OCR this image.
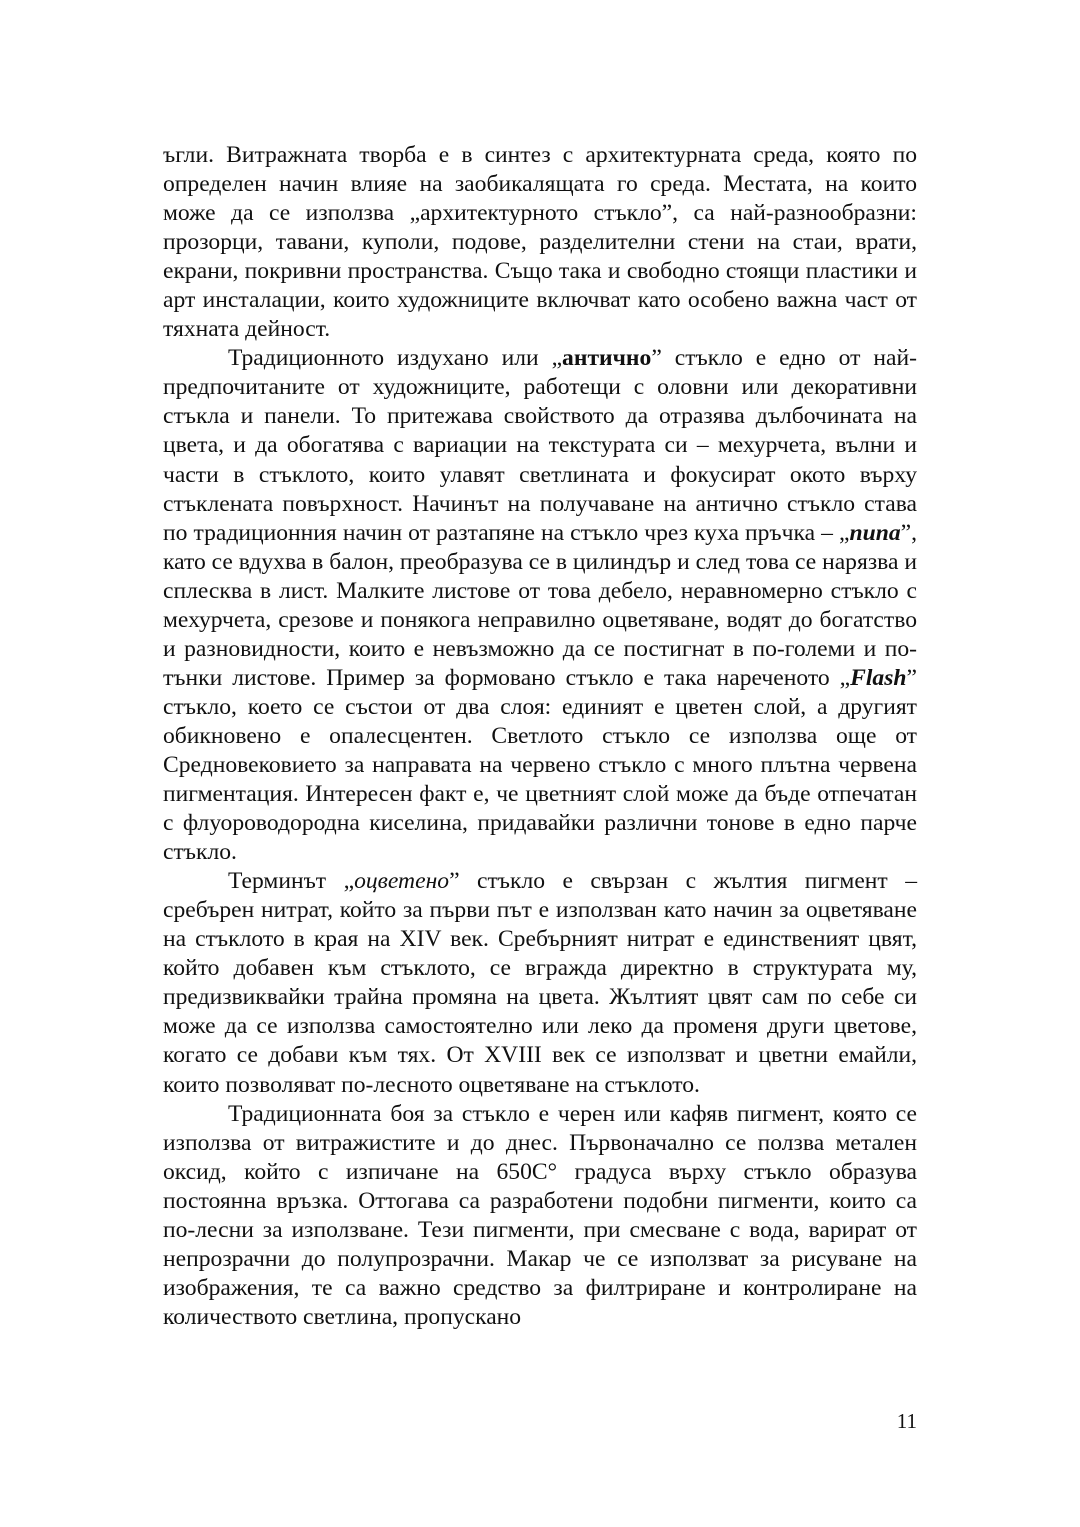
ъгли. Витражната творба е в синтез с архитектурната среда, която по определен начин влияе на заобикалящата го среда. Местата, на които може да се използва „архитектурното стъкло”, са най-разнообразни: прозорци, тавани, куполи, подове, разделителни стени на стаи, врати, екрани, покривни пространства. Също така и свободно стоящи пластики и арт инсталации, които художниците включват като особено важна част от тяхната дейност.

Традиционното издухано или „антично” стъкло е едно от най-предпочитаните от художниците, работещи с оловни или декоративни стъкла и панели. То притежава свойството да отразява дълбочината на цвета, и да обогатява с вариации на текстурата си – мехурчета, вълни и части в стъклото, които улавят светлината и фокусират окото върху стъклената повърхност. Начинът на получаване на антично стъкло става по традиционния начин от разтапяне на стъкло чрез куха пръчка – „пипа”, като се вдухва в балон, преобразува се в цилиндър и след това се нарязва и сплесква в лист. Малките листове от това дебело, неравномерно стъкло с мехурчета, срезове и понякога неправилно оцветяване, водят до богатство и разновидности, които е невъзможно да се постигнат в по-големи и по-тънки листове. Пример за формовано стъкло е така нареченото „Flash” стъкло, което се състои от два слоя: единият е цветен слой, а другият обикновено е опалесцентен. Светлото стъкло се използва още от Средновековието за направата на червено стъкло с много плътна червена пигментация. Интересен факт е, че цветният слой може да бъде отпечатан с флуороводородна киселина, придавайки различни тонове в едно парче стъкло.

Терминът „оцветено” стъкло е свързан с жълтия пигмент – сребърен нитрат, който за първи път е използван като начин за оцветяване на стъклото в края на XIV век. Сребърният нитрат е единственият цвят, който добавен към стъклото, се вгражда директно в структурата му, предизвиквайки трайна промяна на цвета. Жълтият цвят сам по себе си може да се използва самостоятелно или леко да променя други цветове, когато се добави към тях. От XVIII век се използват и цветни емайли, които позволяват по-лесното оцветяване на стъклото.

Традиционната боя за стъкло е черен или кафяв пигмент, която се използва от витражистите и до днес. Първоначално се ползва метален оксид, който с изпичане на 650С° градуса върху стъкло образува постоянна връзка. Оттогава са разработени подобни пигменти, които са по-лесни за използване. Тези пигменти, при смесване с вода, варират от непрозрачни до полупрозрачни. Макар че се използват за рисуване на изображения, те са важно средство за филтриране и контролиране на количеството светлина, пропускано

11
